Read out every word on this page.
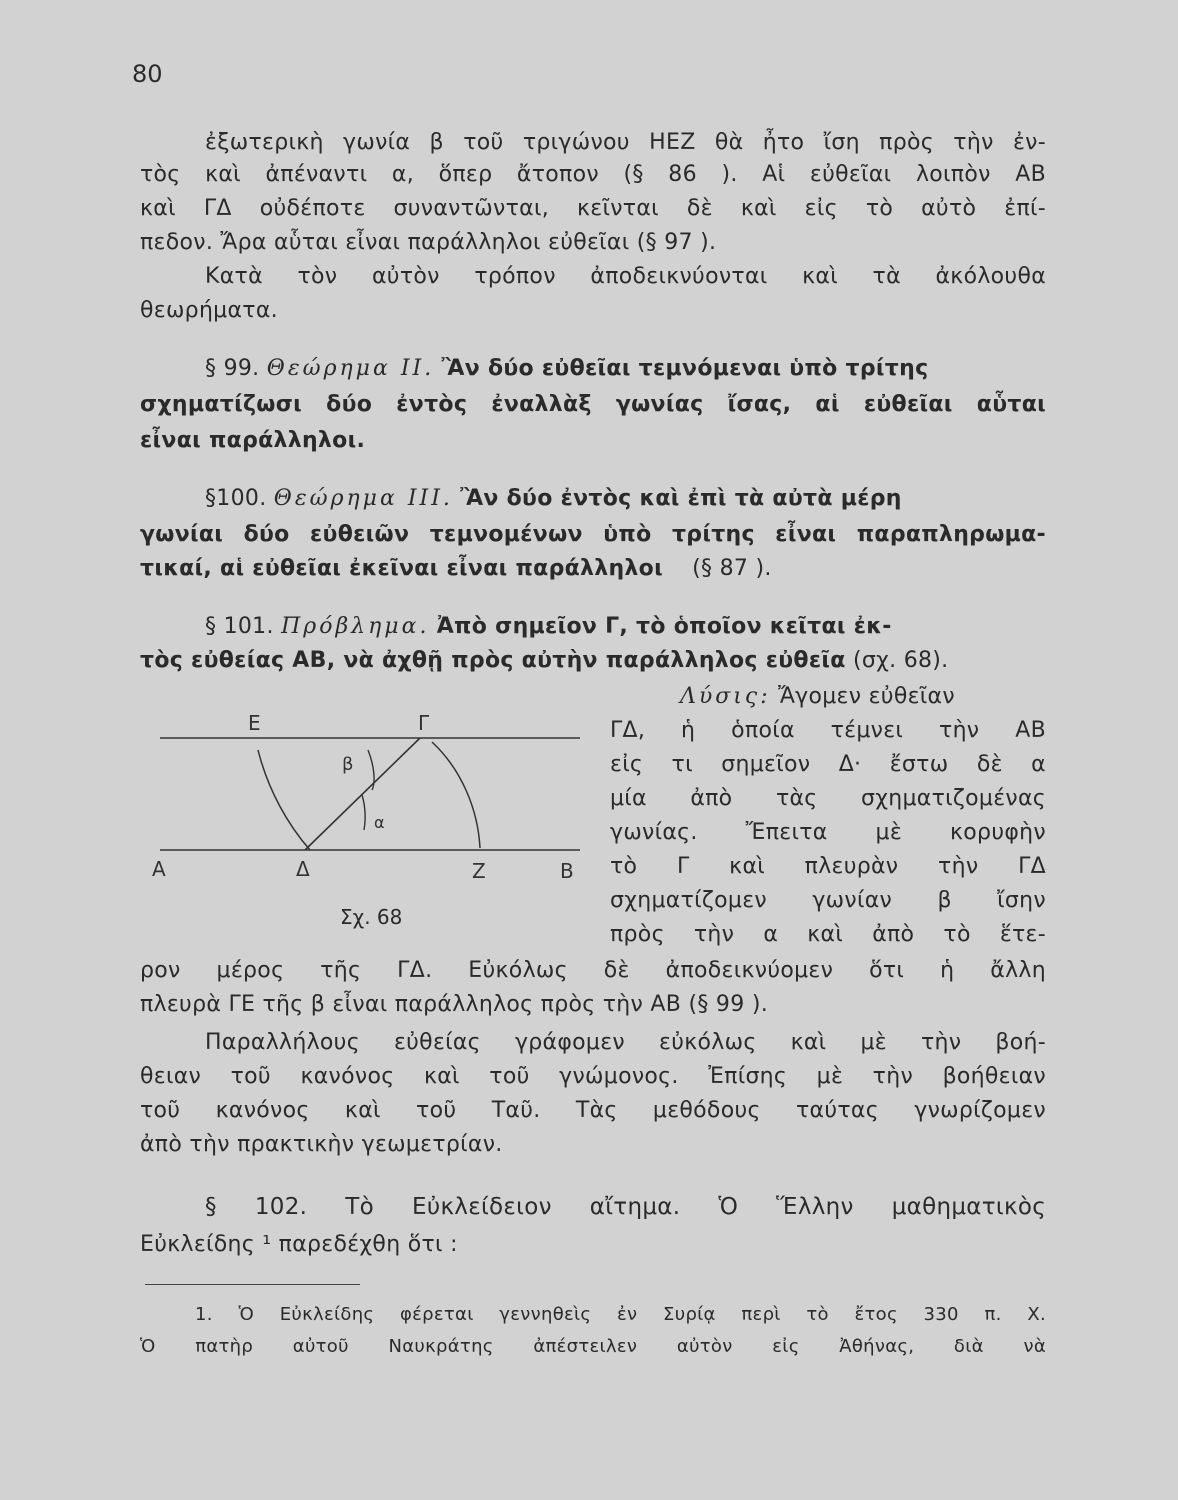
80
ἐξωτερικὴ γωνία β τοῦ τριγώνου ΗΕΖ θὰ ἦτο ἴση πρὸς τὴν ἐν-
τὸς καὶ ἀπέναντι α, ὅπερ ἄτοπον (§ 86 ). Αἱ εὐθεῖαι λοιπὸν ΑΒ
καὶ ΓΔ οὐδέποτε συναντῶνται, κεῖνται δὲ καὶ εἰς τὸ αὐτὸ ἐπί-
πεδον. Ἄρα αὗται εἶναι παράλληλοι εὐθεῖαι (§ 97 ).
Κατὰ τὸν αὐτὸν τρόπον ἀποδεικνύονται καὶ τὰ ἀκόλουθα
θεωρήματα.
§ 99. Θεώρημα ΙΙ. Ἂν δύο εὐθεῖαι τεμνόμεναι ὑπὸ τρίτης
σχηματίζωσι δύο ἐντὸς ἐναλλὰξ γωνίας ἴσας, αἱ εὐθεῖαι αὗται
εἶναι παράλληλοι.
§100. Θεώρημα ΙΙΙ. Ἂν δύο ἐντὸς καὶ ἐπὶ τὰ αὐτὰ μέρη
γωνίαι δύο εὐθειῶν τεμνομένων ὑπὸ τρίτης εἶναι παραπληρωμα-
τικαί, αἱ εὐθεῖαι ἐκεῖναι εἶναι παράλληλοι (§ 87 ).
§ 101. Πρόβλημα. Ἀπὸ σημεῖον Γ, τὸ ὁποῖον κεῖται ἐκ-
τὸς εὐθείας ΑΒ, νὰ ἀχθῇ πρὸς αὐτὴν παράλληλος εὐθεῖα (σχ. 68).
Λύσις: Ἄγομεν εὐθεῖαν
ΓΔ, ἡ ὁποία τέμνει τὴν ΑΒ
εἰς τι σημεῖον Δ· ἔστω δὲ α
μία ἀπὸ τὰς σχηματιζομένας
γωνίας. Ἔπειτα μὲ κορυφὴν
τὸ Γ καὶ πλευρὰν τὴν ΓΔ
σχηματίζομεν γωνίαν β ἴσην
πρὸς τὴν α καὶ ἀπὸ τὸ ἕτε-
ρον μέρος τῆς ΓΔ. Εὐκόλως δὲ ἀποδεικνύομεν ὅτι ἡ ἄλλη
πλευρὰ ΓΕ τῆς β εἶναι παράλληλος πρὸς τὴν ΑΒ (§ 99 ).
Ε	Γ
β
α
Α	Δ	Ζ	Β
Σχ. 68
Παραλλήλους εὐθείας γράφομεν εὐκόλως καὶ μὲ τὴν βοή-
θειαν τοῦ κανόνος καὶ τοῦ γνώμονος. Ἐπίσης μὲ τὴν βοήθειαν
τοῦ κανόνος καὶ τοῦ Ταῦ. Τὰς μεθόδους ταύτας γνωρίζομεν
ἀπὸ τὴν πρακτικὴν γεωμετρίαν.
§ 102. Τὸ Εὐκλείδειον αἴτημα. Ὁ Ἕλλην μαθηματικὸς
Εὐκλείδης ¹ παρεδέχθη ὅτι :
1. Ὁ Εὐκλείδης φέρεται γεννηθεὶς ἐν Συρίᾳ περὶ τὸ ἔτος 330 π. Χ.
Ὁ πατὴρ αὐτοῦ Ναυκράτης ἀπέστειλεν αὐτὸν εἰς Ἀθήνας, διὰ νὰ
